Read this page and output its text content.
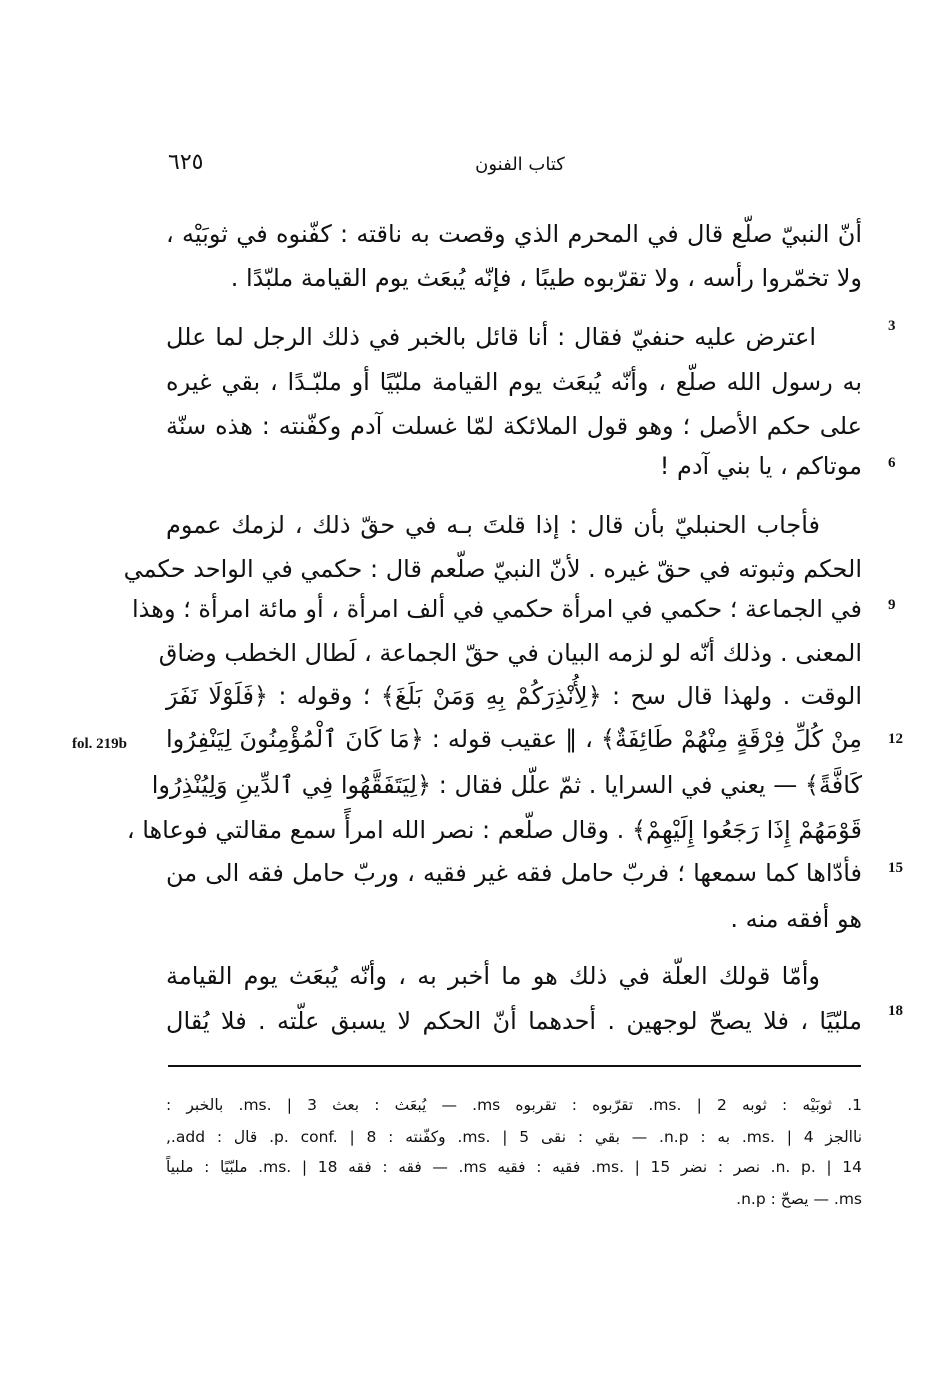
٦٢٥	كتاب الفنون
أنّ النبيّ صلّع قال في المحرم الذي وقصت به ناقته : كفّنوه في ثوبَيْه ،
ولا تخمّروا رأسه ، ولا تقرّبوه طيبًا ، فإنّه يُبعَث يوم القيامة ملبّدًا .
اعترض عليه حنفيّ فقال : أنا قائل بالخبر في ذلك الرجل لما علل
به رسول الله صلّع ، وأنّه يُبعَث يوم القيامة ملبّيًا أو ملبّـدًا ، بقي غيره
على حكم الأصل ؛ وهو قول الملائكة لمّا غسلت آدم وكفّنته : هذه سنّة
موتاكم ، يا بني آدم !
فأجاب الحنبليّ بأن قال : إذا قلتَ بـه في حقّ ذلك ، لزمك عموم
الحكم وثبوته في حقّ غيره . لأنّ النبيّ صلّعم قال : حكمي في الواحد حكمي
في الجماعة ؛ حكمي في امرأة حكمي في ألف امرأة ، أو مائة امرأة ؛ وهذا
المعنى . وذلك أنّه لو لزمه البيان في حقّ الجماعة ، لَطال الخطب وضاق
الوقت . ولهذا قال سح : ﴿لِأُنْذِرَكُمْ بِهِ وَمَنْ بَلَغَ﴾ ؛ وقوله : ﴿فَلَوْلَا نَفَرَ
مِنْ كُلِّ فِرْقَةٍ مِنْهُمْ طَائِفَةٌ﴾ ، ‖ عقيب قوله : ﴿مَا كَانَ ٱلْمُؤْمِنُونَ لِيَنْفِرُوا
كَافَّةً﴾ — يعني في السرايا . ثمّ علّل فقال : ﴿لِيَتَفَقَّهُوا فِي ٱلدِّينِ وَلِيُنْذِرُوا
قَوْمَهُمْ إِذَا رَجَعُوا إِلَيْهِمْ﴾ . وقال صلّعم : نصر الله امرأً سمع مقالتي فوعاها ،
فأدّاها كما سمعها ؛ فربّ حامل فقه غير فقيه ، وربّ حامل فقه الى من
هو أفقه منه .
وأمّا قولك العلّة في ذلك هو ما أخبر به ، وأنّه يُبعَث يوم القيامة
ملبّيًا ، فلا يصحّ لوجهين . أحدهما أنّ الحكم لا يسبق علّته . فلا يُقال
3
6
9
12
15
18
fol. 219b
1. ثوبَيْه : ثوبه ms. | 2. تقرّبوه : تقربوه ms. — يُبعَث : بعث ms. | 3. بالخبر :
ناالجز ms. | 4. به : n.p. — بقي : نقى ms. | 5. وكفّنته : p. conf. | 8. قال : add.,
n. p. | 14. نصر : نضر ms. | 15. فقيه : فقيه ms. — فقه : فقه ms. | 18. ملبّيًا : ملبياً
ms. — يصحّ : n.p.
